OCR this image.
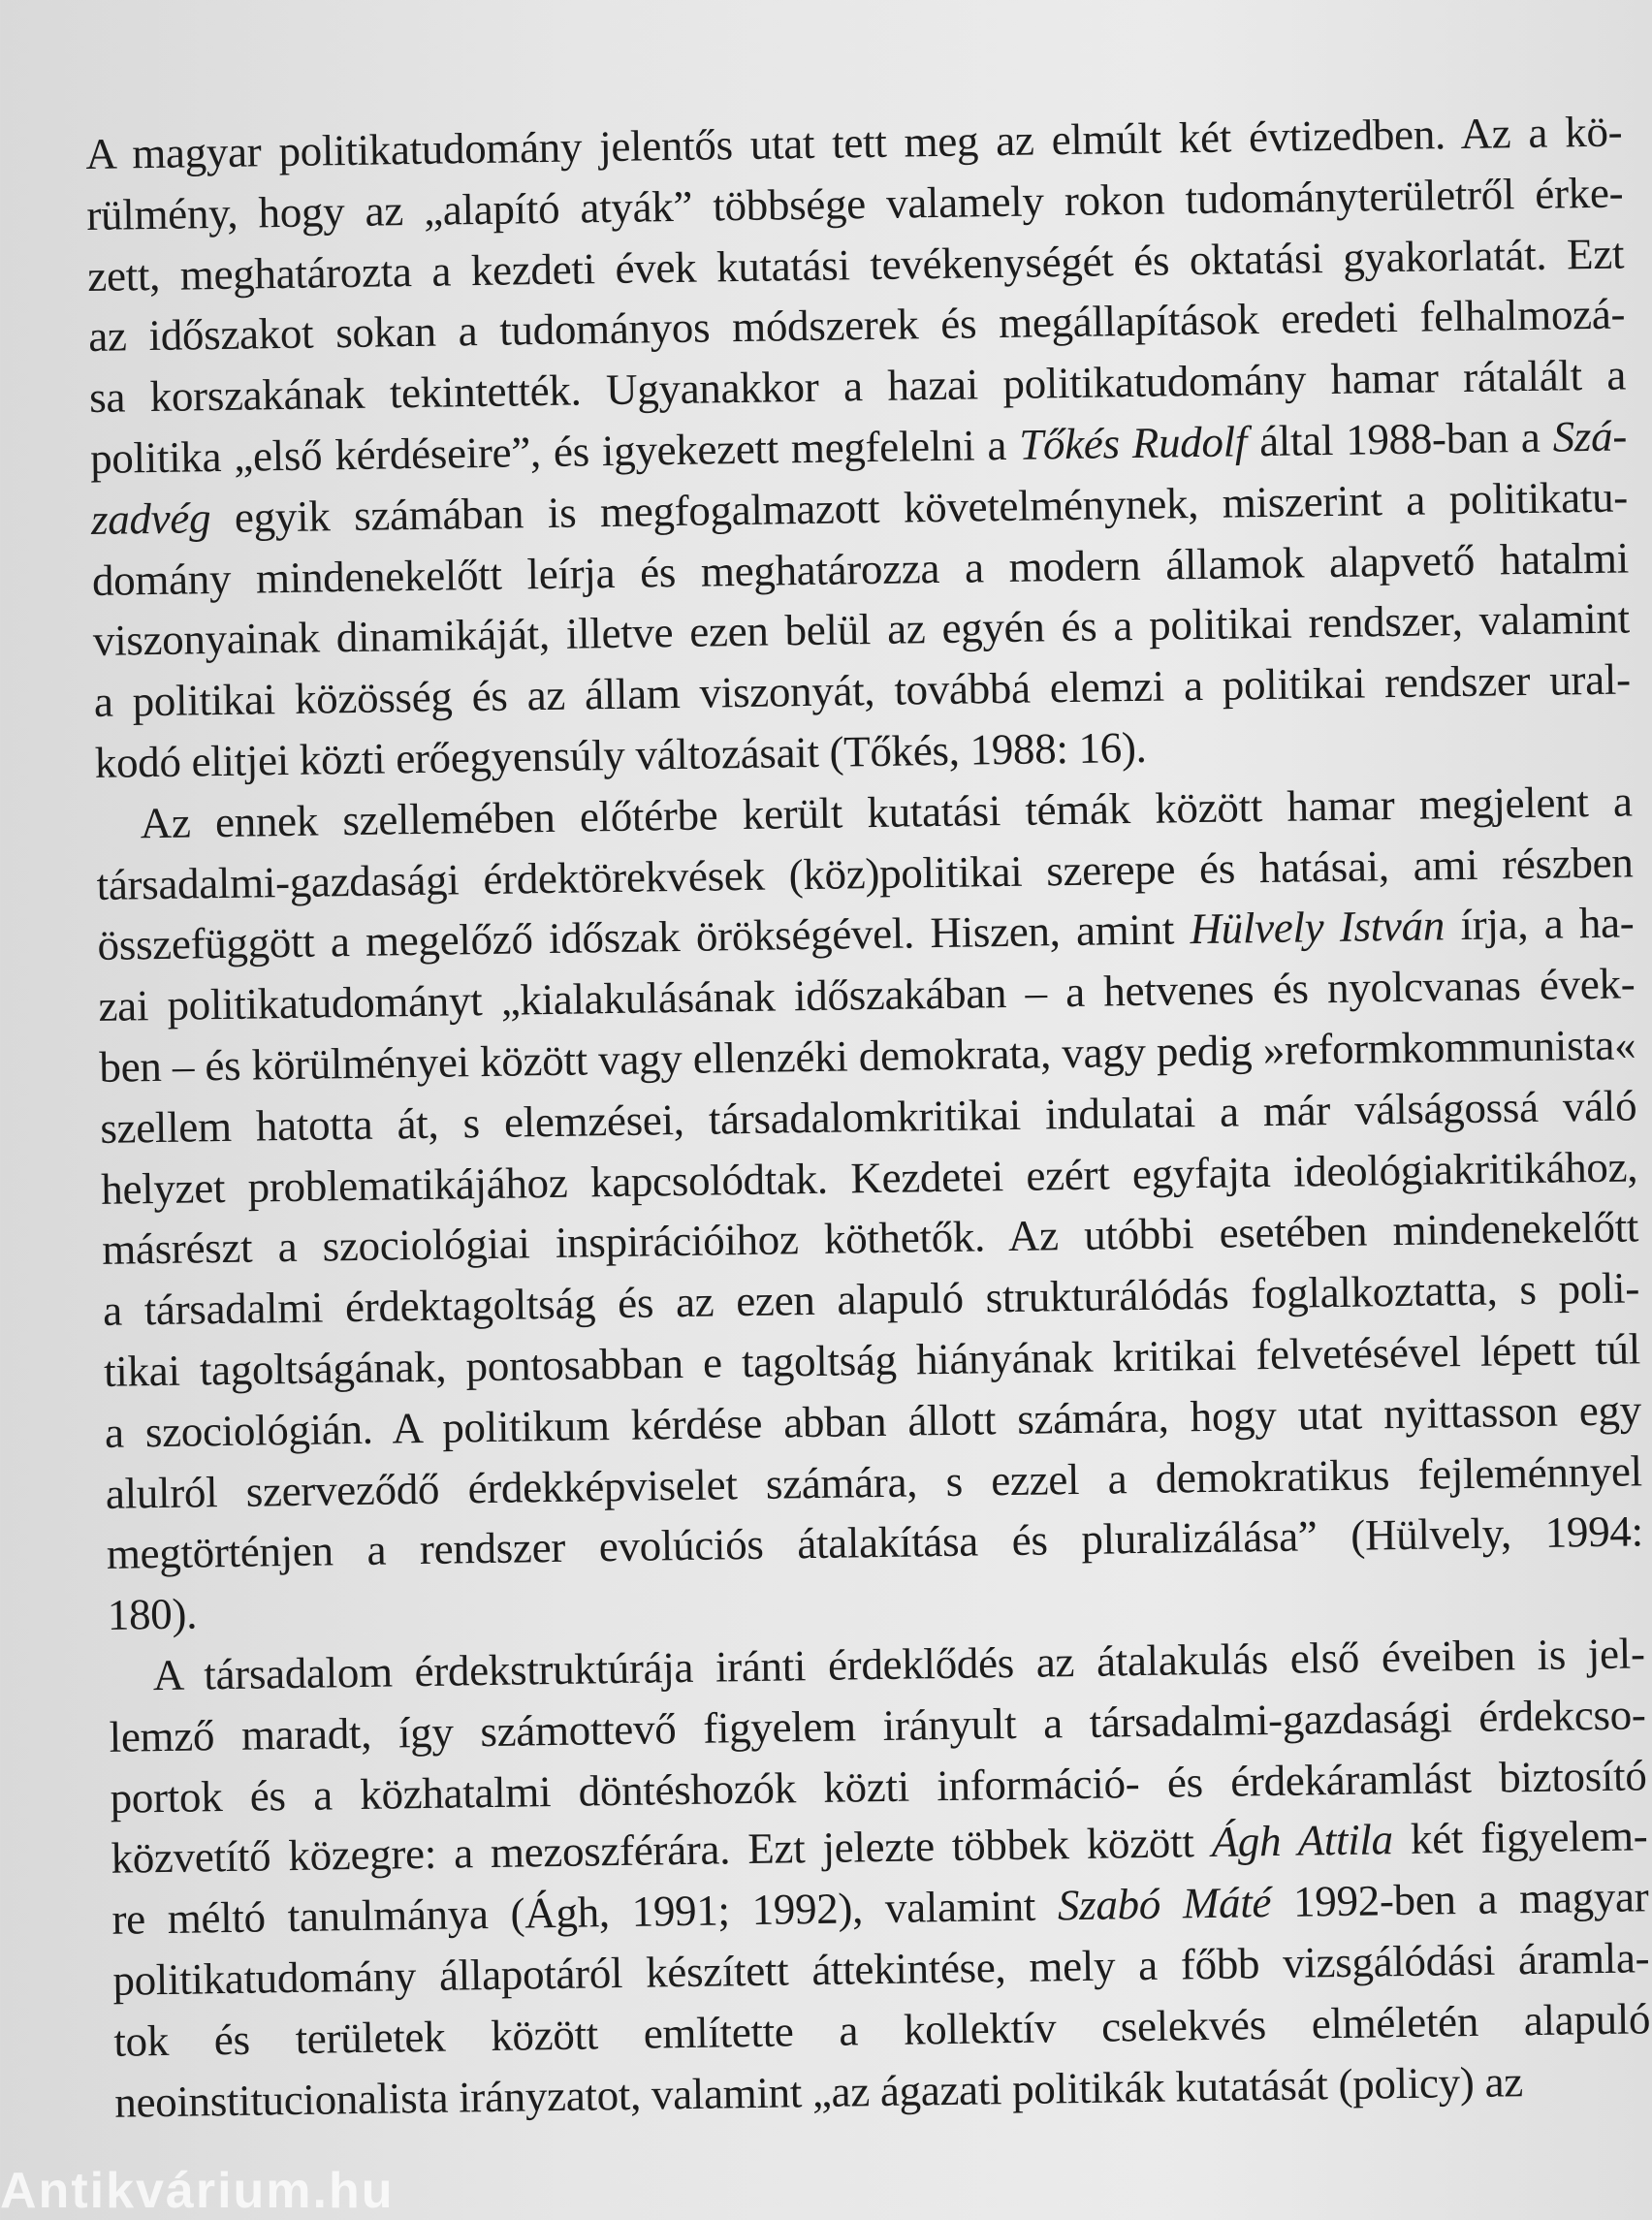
A magyar politikatudomány jelentős utat tett meg az elmúlt két évtizedben. Az a kö-
rülmény, hogy az „alapító atyák” többsége valamely rokon tudományterületről érke-
zett, meghatározta a kezdeti évek kutatási tevékenységét és oktatási gyakorlatát. Ezt
az időszakot sokan a tudományos módszerek és megállapítások eredeti felhalmozá-
sa korszakának tekintették. Ugyanakkor a hazai politikatudomány hamar rátalált a
politika „első kérdéseire”, és igyekezett megfelelni a Tőkés Rudolf által 1988-ban a Szá-
zadvég egyik számában is megfogalmazott követelménynek, miszerint a politikatu-
domány mindenekelőtt leírja és meghatározza a modern államok alapvető hatalmi
viszonyainak dinamikáját, illetve ezen belül az egyén és a politikai rendszer, valamint
a politikai közösség és az állam viszonyát, továbbá elemzi a politikai rendszer ural-
kodó elitjei közti erőegyensúly változásait (Tőkés, 1988: 16).
Az ennek szellemében előtérbe került kutatási témák között hamar megjelent a
társadalmi-gazdasági érdektörekvések (köz)politikai szerepe és hatásai, ami részben
összefüggött a megelőző időszak örökségével. Hiszen, amint Hülvely István írja, a ha-
zai politikatudományt „kialakulásának időszakában – a hetvenes és nyolcvanas évek-
ben – és körülményei között vagy ellenzéki demokrata, vagy pedig »reformkommunista«
szellem hatotta át, s elemzései, társadalomkritikai indulatai a már válságossá váló
helyzet problematikájához kapcsolódtak. Kezdetei ezért egyfajta ideológiakritikához,
másrészt a szociológiai inspirációihoz köthetők. Az utóbbi esetében mindenekelőtt
a társadalmi érdektagoltság és az ezen alapuló strukturálódás foglalkoztatta, s poli-
tikai tagoltságának, pontosabban e tagoltság hiányának kritikai felvetésével lépett túl
a szociológián. A politikum kérdése abban állott számára, hogy utat nyittasson egy
alulról szerveződő érdekképviselet számára, s ezzel a demokratikus fejleménnyel
megtörténjen a rendszer evolúciós átalakítása és pluralizálása” (Hülvely, 1994:
180).
A társadalom érdekstruktúrája iránti érdeklődés az átalakulás első éveiben is jel-
lemző maradt, így számottevő figyelem irányult a társadalmi-gazdasági érdekcso-
portok és a közhatalmi döntéshozók közti információ- és érdekáramlást biztosító
közvetítő közegre: a mezoszférára. Ezt jelezte többek között Ágh Attila két figyelem-
re méltó tanulmánya (Ágh, 1991; 1992), valamint Szabó Máté 1992-ben a magyar
politikatudomány állapotáról készített áttekintése, mely a főbb vizsgálódási áramla-
tok és területek között említette a kollektív cselekvés elméletén alapuló
neoinstitucionalista irányzatot, valamint „az ágazati politikák kutatását (policy) az
Antikvárium.hu
